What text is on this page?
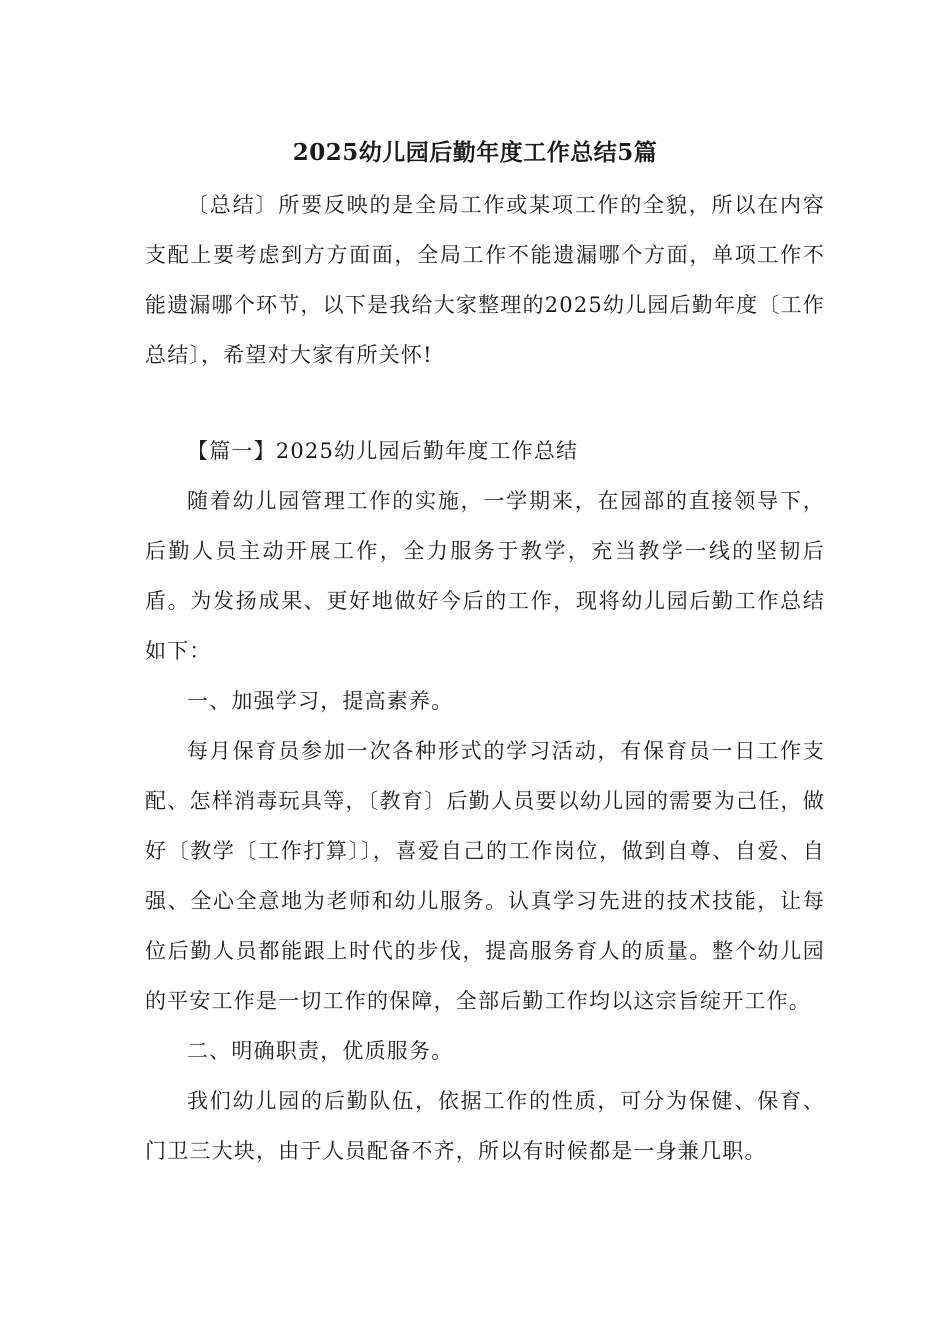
2025幼儿园后勤年度工作总结5篇

〔总结〕所要反映的是全局工作或某项工作的全貌，所以在内容支配上要考虑到方方面面，全局工作不能遗漏哪个方面，单项工作不能遗漏哪个环节，以下是我给大家整理的2025幼儿园后勤年度〔工作总结〕，希望对大家有所关怀!

【篇一】2025幼儿园后勤年度工作总结

随着幼儿园管理工作的实施，一学期来，在园部的直接领导下，后勤人员主动开展工作，全力服务于教学，充当教学一线的坚韧后盾。为发扬成果、更好地做好今后的工作，现将幼儿园后勤工作总结如下：

一、加强学习，提高素养。

每月保育员参加一次各种形式的学习活动，有保育员一日工作支配、怎样消毒玩具等，〔教育〕后勤人员要以幼儿园的需要为己任，做好〔教学〔工作打算〕〕，喜爱自己的工作岗位，做到自尊、自爱、自强、全心全意地为老师和幼儿服务。认真学习先进的技术技能，让每位后勤人员都能跟上时代的步伐，提高服务育人的质量。整个幼儿园的平安工作是一切工作的保障，全部后勤工作均以这宗旨绽开工作。

二、明确职责，优质服务。

我们幼儿园的后勤队伍，依据工作的性质，可分为保健、保育、门卫三大块，由于人员配备不齐，所以有时候都是一身兼几职。
